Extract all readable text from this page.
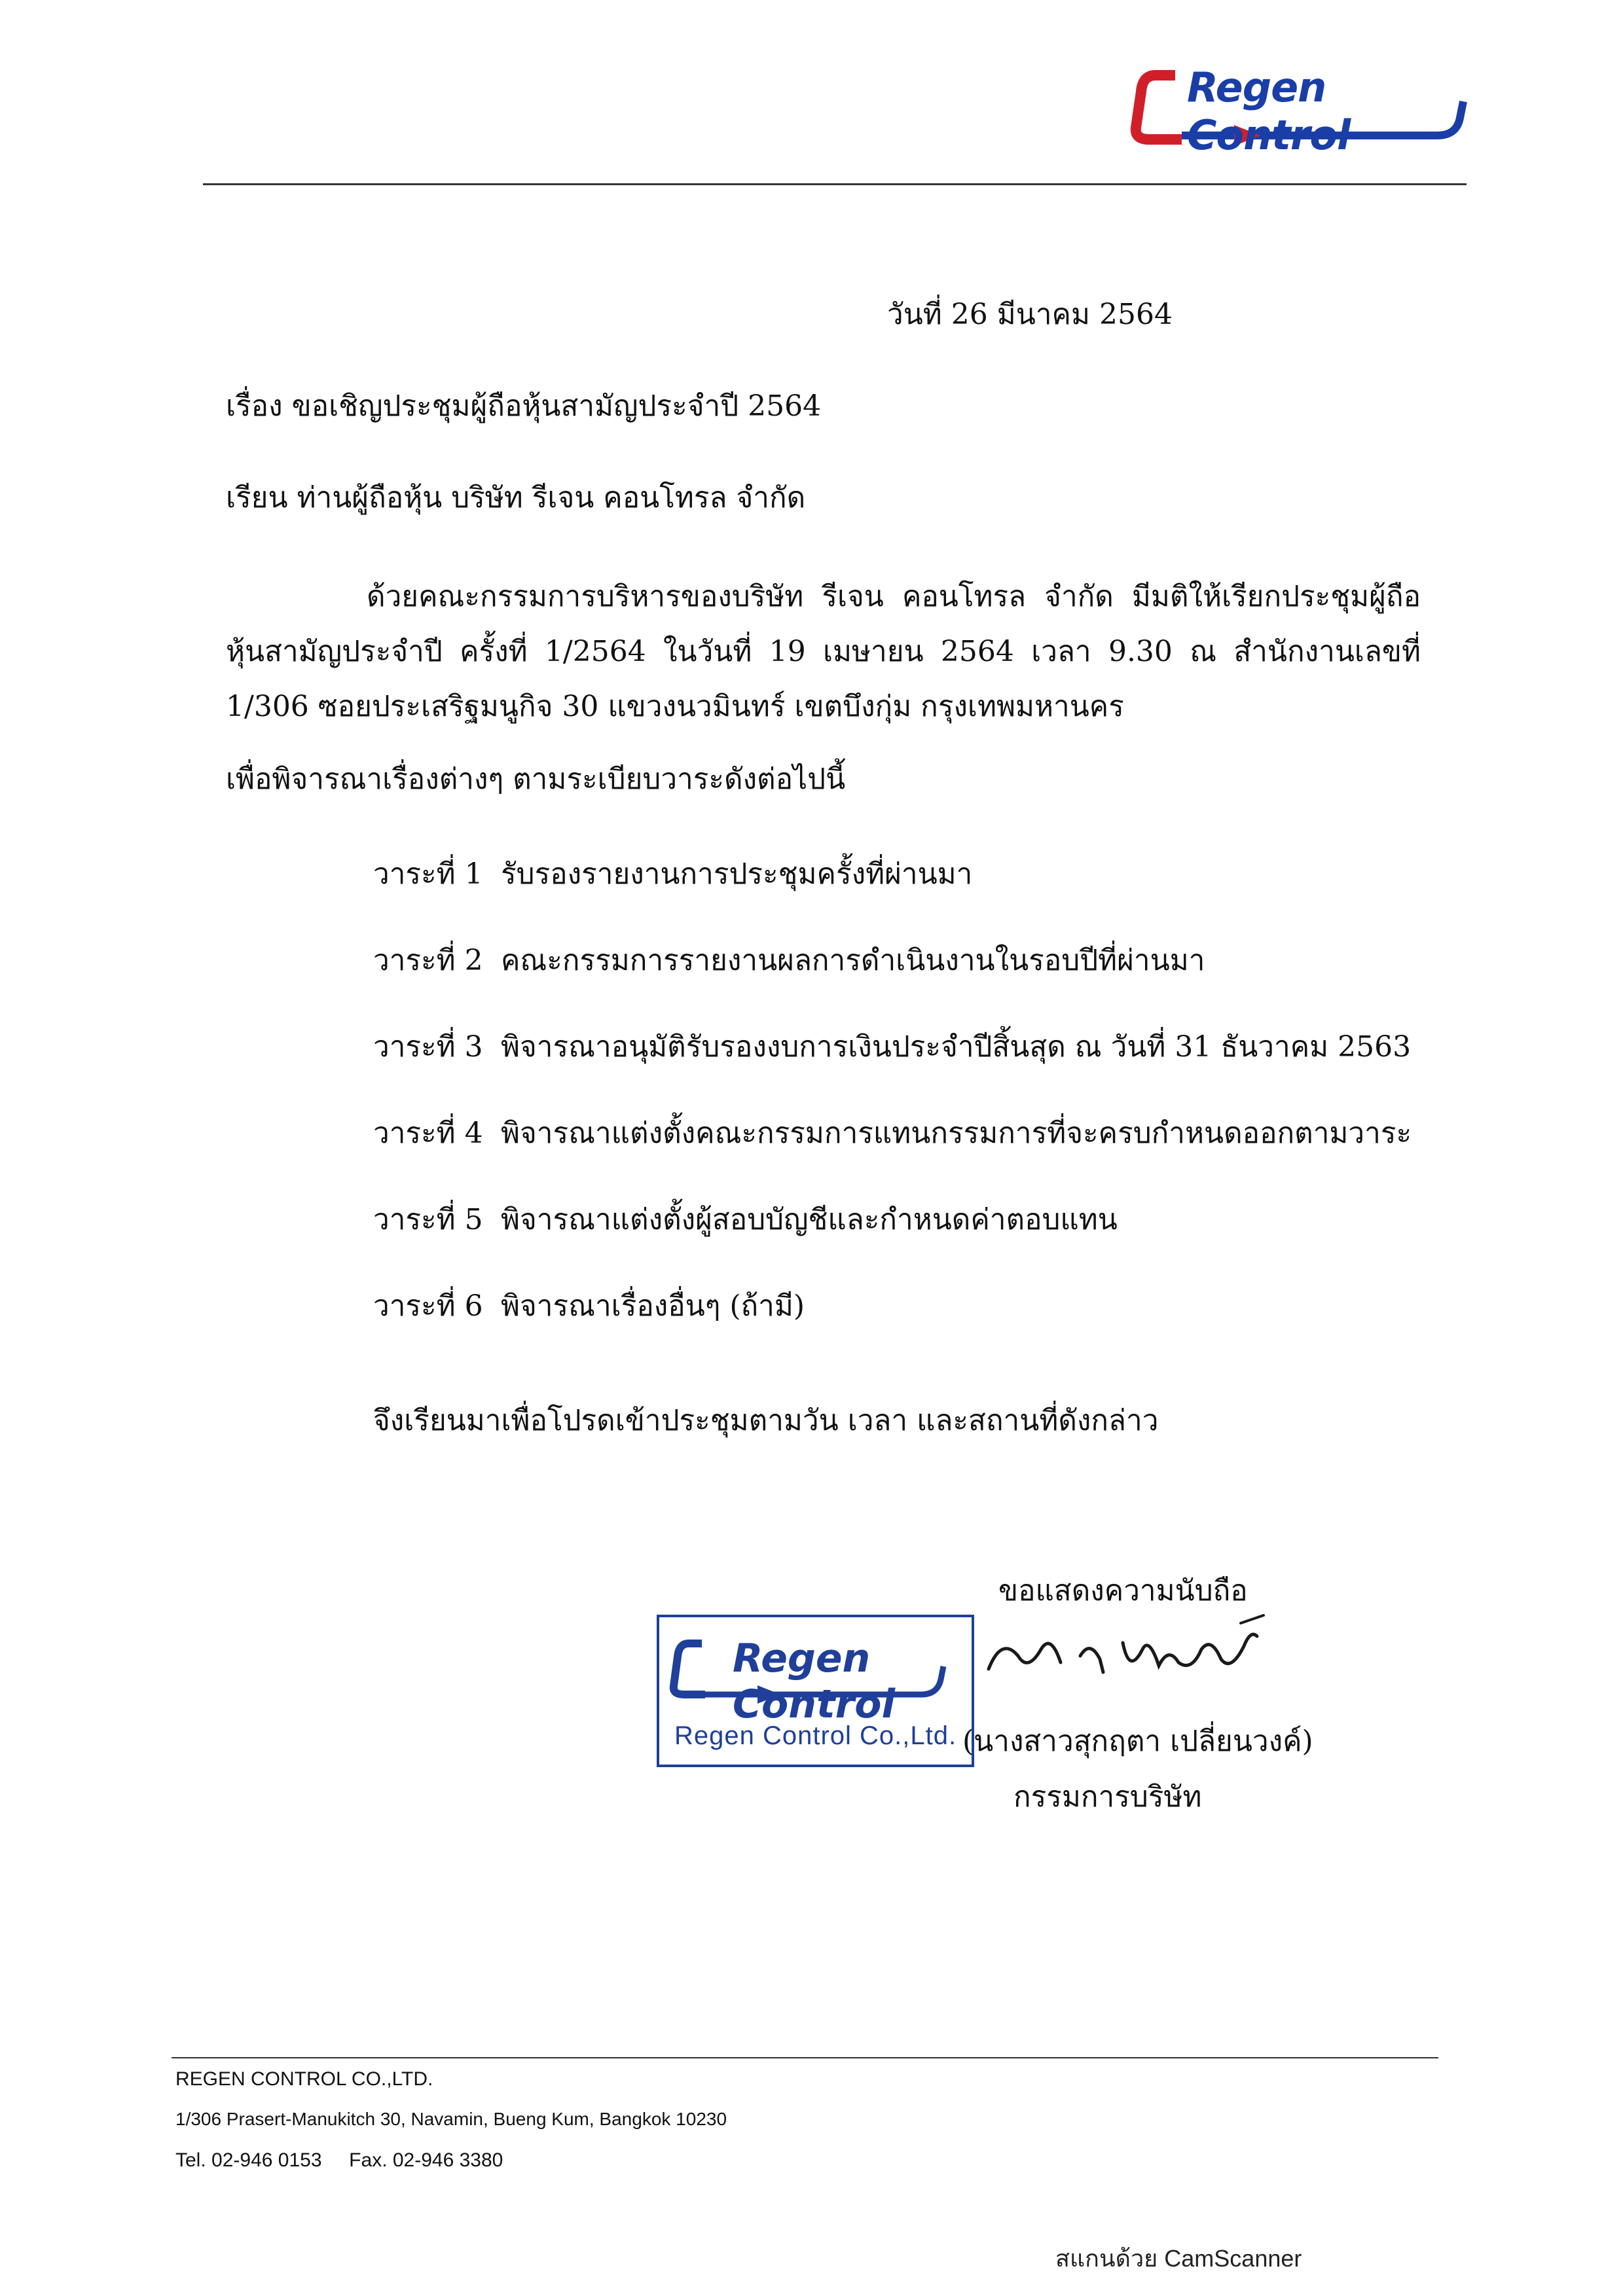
Regen Control
วันที่ 26 มีนาคม 2564
เรื่อง ขอเชิญประชุมผู้ถือหุ้นสามัญประจำปี 2564
เรียน ท่านผู้ถือหุ้น บริษัท รีเจน คอนโทรล จำกัด
ด้วยคณะกรรมการบริหารของบริษัท รีเจน คอนโทรล จำกัด มีมติให้เรียกประชุมผู้ถือหุ้นสามัญประจำปี ครั้งที่ 1/2564 ในวันที่ 19 เมษายน 2564 เวลา 9.30 ณ สำนักงานเลขที่ 1/306 ซอยประเสริฐมนูกิจ 30 แขวงนวมินทร์ เขตบึงกุ่ม กรุงเทพมหานคร
เพื่อพิจารณาเรื่องต่างๆ ตามระเบียบวาระดังต่อไปนี้
วาระที่ 1 รับรองรายงานการประชุมครั้งที่ผ่านมา
วาระที่ 2 คณะกรรมการรายงานผลการดำเนินงานในรอบปีที่ผ่านมา
วาระที่ 3 พิจารณาอนุมัติรับรองงบการเงินประจำปีสิ้นสุด ณ วันที่ 31 ธันวาคม 2563
วาระที่ 4 พิจารณาแต่งตั้งคณะกรรมการแทนกรรมการที่จะครบกำหนดออกตามวาระ
วาระที่ 5 พิจารณาแต่งตั้งผู้สอบบัญชีและกำหนดค่าตอบแทน
วาระที่ 6 พิจารณาเรื่องอื่นๆ (ถ้ามี)
จึงเรียนมาเพื่อโปรดเข้าประชุมตามวัน เวลา และสถานที่ดังกล่าว
ขอแสดงความนับถือ
Regen Control
Regen Control Co.,Ltd. (นางสาวสุกฤตา เปลี่ยนวงค์)
กรรมการบริษัท
REGEN CONTROL CO.,LTD.
1/306 Prasert-Manukitch 30, Navamin, Bueng Kum, Bangkok 10230
Tel. 02-946 0153     Fax. 02-946 3380
สแกนด้วย CamScanner
